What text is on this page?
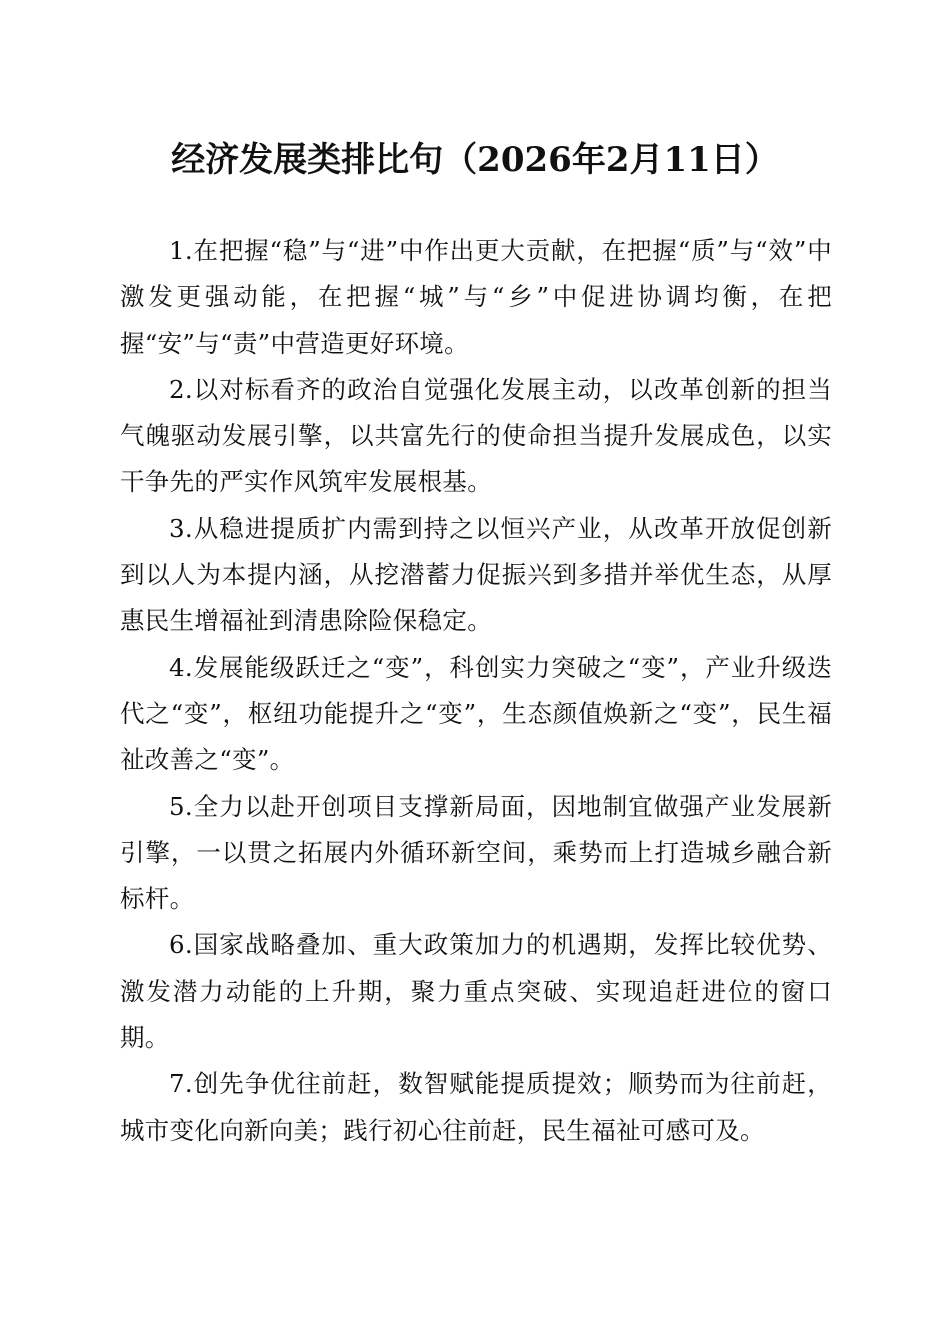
经济发展类排比句（2026年2月11日）

1.在把握“稳”与“进”中作出更大贡献，在把握“质”与“效”中激发更强动能，在把握“城”与“乡”中促进协调均衡，在把握“安”与“责”中营造更好环境。

2.以对标看齐的政治自觉强化发展主动，以改革创新的担当气魄驱动发展引擎，以共富先行的使命担当提升发展成色，以实干争先的严实作风筑牢发展根基。

3.从稳进提质扩内需到持之以恒兴产业，从改革开放促创新到以人为本提内涵，从挖潜蓄力促振兴到多措并举优生态，从厚惠民生增福祉到清患除险保稳定。

4.发展能级跃迁之“变”，科创实力突破之“变”，产业升级迭代之“变”，枢纽功能提升之“变”，生态颜值焕新之“变”，民生福祉改善之“变”。

5.全力以赴开创项目支撑新局面，因地制宜做强产业发展新引擎，一以贯之拓展内外循环新空间，乘势而上打造城乡融合新标杆。

6.国家战略叠加、重大政策加力的机遇期，发挥比较优势、激发潜力动能的上升期，聚力重点突破、实现追赶进位的窗口期。

7.创先争优往前赶，数智赋能提质提效；顺势而为往前赶，城市变化向新向美；践行初心往前赶，民生福祉可感可及。
